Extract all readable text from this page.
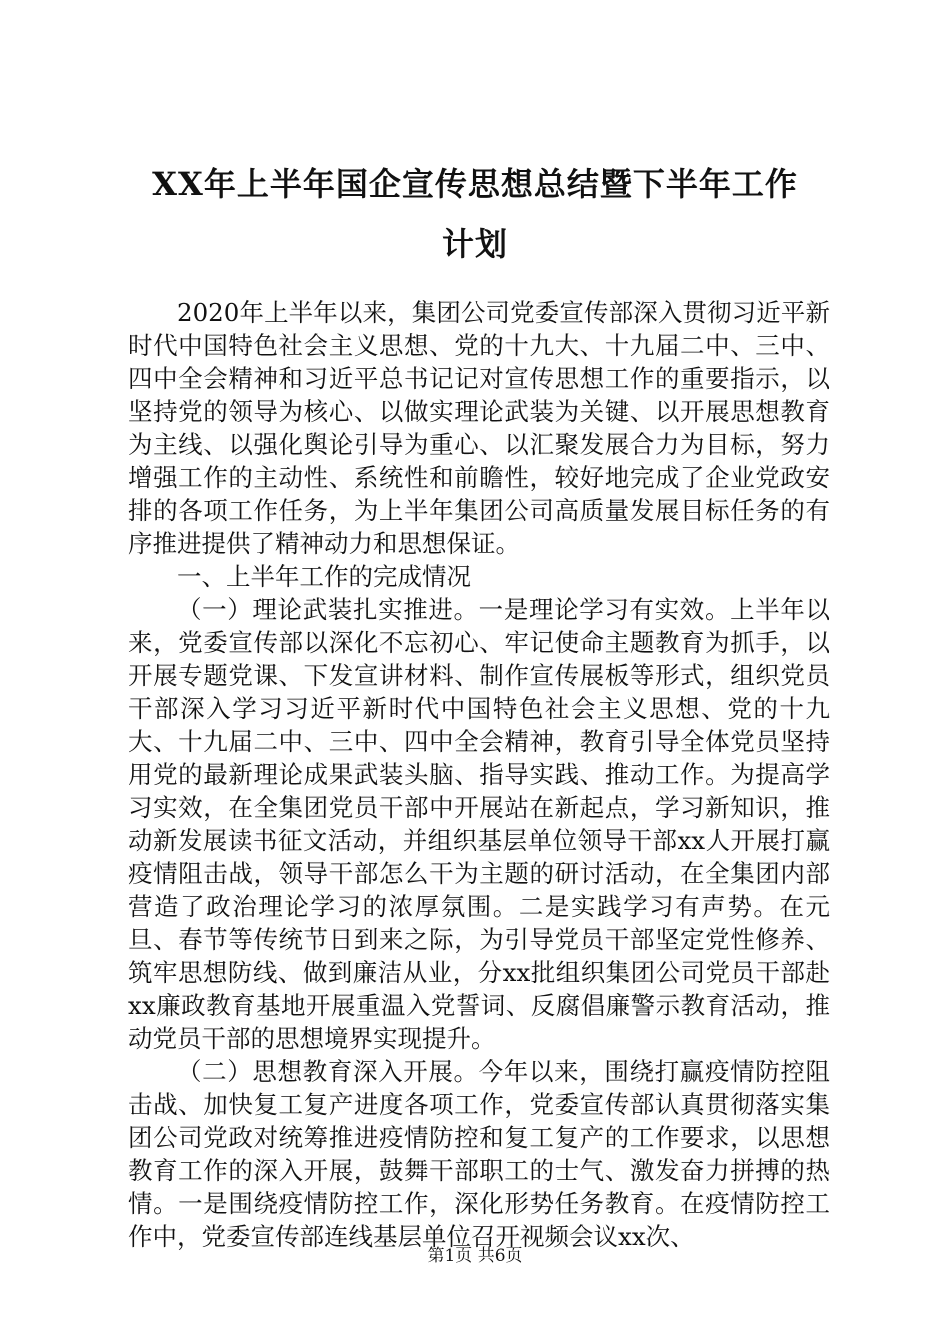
XX年上半年国企宣传思想总结暨下半年工作
计划

2020年上半年以来，集团公司党委宣传部深入贯彻习近平新时代中国特色社会主义思想、党的十九大、十九届二中、三中、四中全会精神和习近平总书记记对宣传思想工作的重要指示，以坚持党的领导为核心、以做实理论武装为关键、以开展思想教育为主线、以强化舆论引导为重心、以汇聚发展合力为目标，努力增强工作的主动性、系统性和前瞻性，较好地完成了企业党政安排的各项工作任务，为上半年集团公司高质量发展目标任务的有序推进提供了精神动力和思想保证。

一、上半年工作的完成情况

（一）理论武装扎实推进。一是理论学习有实效。上半年以来，党委宣传部以深化不忘初心、牢记使命主题教育为抓手，以开展专题党课、下发宣讲材料、制作宣传展板等形式，组织党员干部深入学习习近平新时代中国特色社会主义思想、党的十九大、十九届二中、三中、四中全会精神，教育引导全体党员坚持用党的最新理论成果武装头脑、指导实践、推动工作。为提高学习实效，在全集团党员干部中开展站在新起点，学习新知识，推动新发展读书征文活动，并组织基层单位领导干部xx人开展打赢疫情阻击战，领导干部怎么干为主题的研讨活动，在全集团内部营造了政治理论学习的浓厚氛围。二是实践学习有声势。在元旦、春节等传统节日到来之际，为引导党员干部坚定党性修养、筑牢思想防线、做到廉洁从业，分xx批组织集团公司党员干部赴xx廉政教育基地开展重温入党誓词、反腐倡廉警示教育活动，推动党员干部的思想境界实现提升。

（二）思想教育深入开展。今年以来，围绕打赢疫情防控阻击战、加快复工复产进度各项工作，党委宣传部认真贯彻落实集团公司党政对统筹推进疫情防控和复工复产的工作要求，以思想教育工作的深入开展，鼓舞干部职工的士气、激发奋力拼搏的热情。一是围绕疫情防控工作，深化形势任务教育。在疫情防控工作中，党委宣传部连线基层单位召开视频会议xx次、

第1页 共6页
